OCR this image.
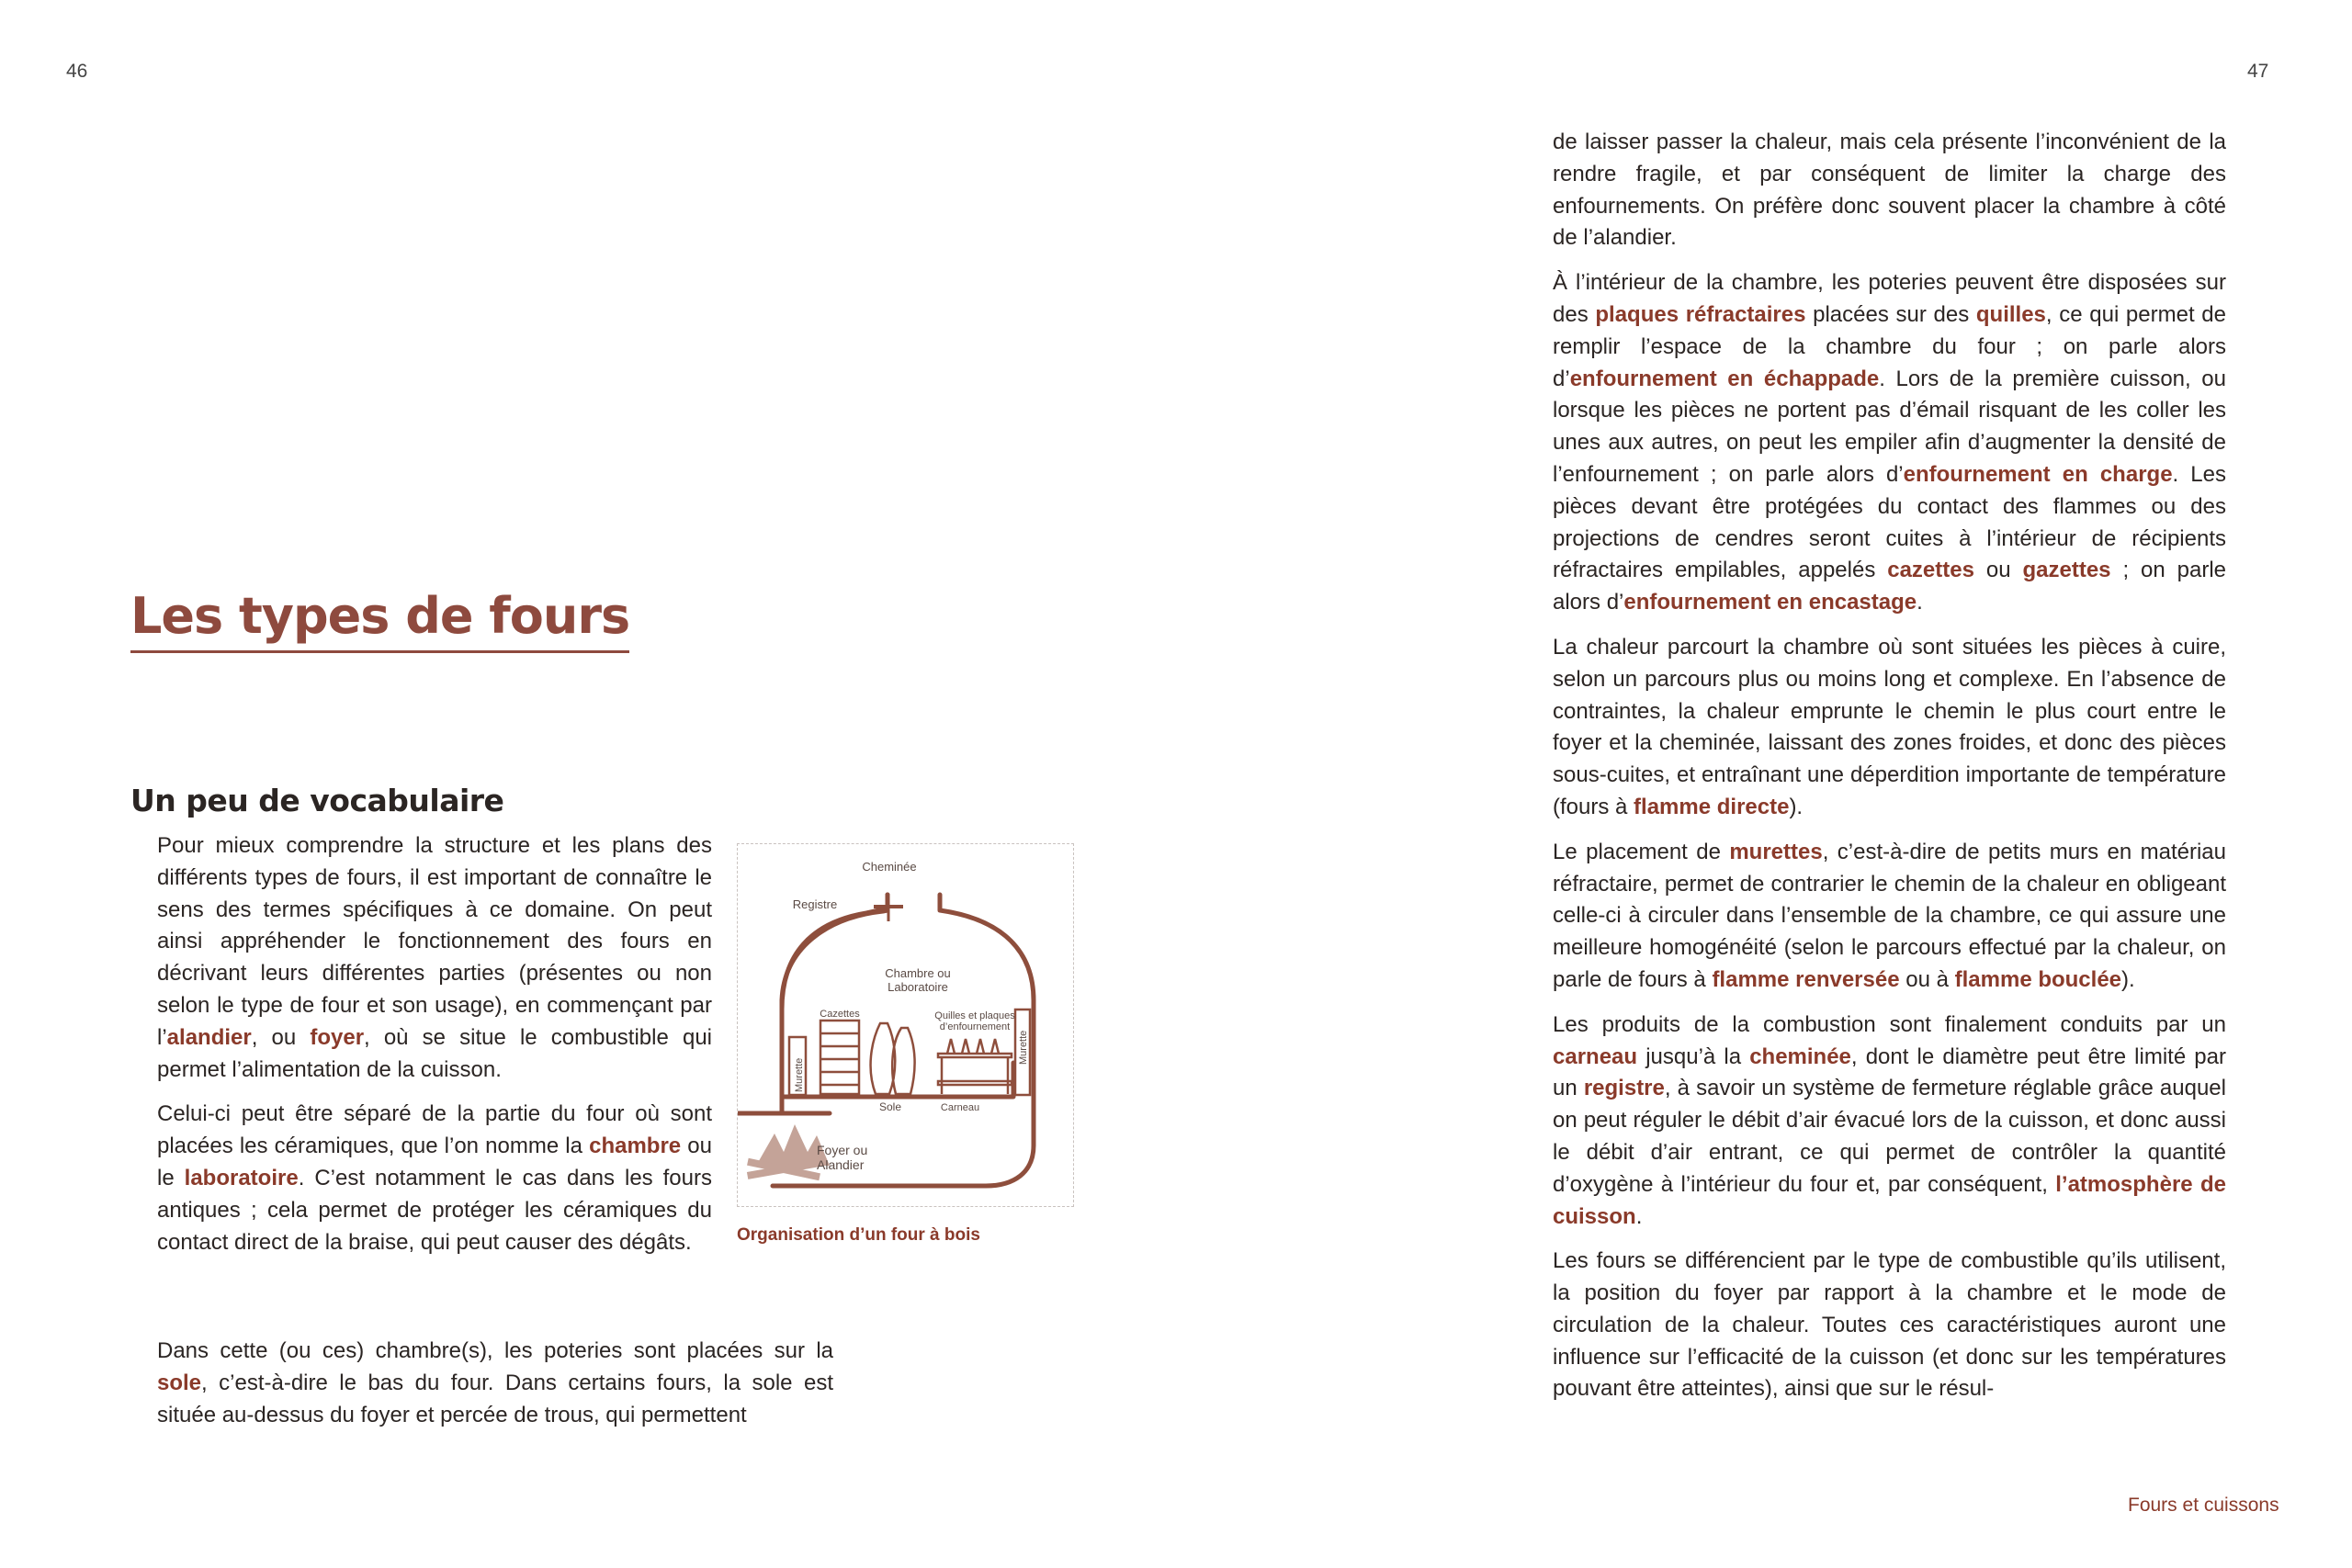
46	47
Les types de fours
Un peu de vocabulaire

Pour mieux comprendre la structure et les plans des différents types de fours, il est important de connaître le sens des termes spécifiques à ce domaine. On peut ainsi appréhender le fonctionnement des fours en décrivant leurs différentes parties (présentes ou non selon le type de four et son usage), en commençant par l’alandier, ou foyer, où se situe le combustible qui permet l’alimentation de la cuisson.

Celui-ci peut être séparé de la partie du four où sont placées les céramiques, que l’on nomme la chambre ou le laboratoire. C’est notamment le cas dans les fours antiques ; cela permet de protéger les céramiques du contact direct de la braise, qui peut causer des dégâts.

Cheminée
Registre
Chambre ou
Laboratoire
Cazettes	Quilles et plaques
d’enfournement
Murette
Murette
Sole	Carneau
Foyer ou
Alandier
Organisation d’un four à bois

Dans cette (ou ces) chambre(s), les poteries sont placées sur la sole, c’est-à-dire le bas du four. Dans certains fours, la sole est située au-dessus du foyer et percée de trous, qui permettent

de laisser passer la chaleur, mais cela présente l’inconvénient de la rendre fragile, et par conséquent de limiter la charge des enfournements. On préfère donc souvent placer la chambre à côté de l’alandier.

À l’intérieur de la chambre, les poteries peuvent être disposées sur des plaques réfractaires placées sur des quilles, ce qui permet de remplir l’espace de la chambre du four ; on parle alors d’enfournement en échappade. Lors de la première cuisson, ou lorsque les pièces ne portent pas d’émail risquant de les coller les unes aux autres, on peut les empiler afin d’augmenter la densité de l’enfournement ; on parle alors d’enfournement en charge. Les pièces devant être protégées du contact des flammes ou des projections de cendres seront cuites à l’intérieur de récipients réfractaires empilables, appelés cazettes ou gazettes ; on parle alors d’enfournement en encastage.

La chaleur parcourt la chambre où sont situées les pièces à cuire, selon un parcours plus ou moins long et complexe. En l’absence de contraintes, la chaleur emprunte le chemin le plus court entre le foyer et la cheminée, laissant des zones froides, et donc des pièces sous-cuites, et entraînant une déperdition importante de température (fours à flamme directe).

Le placement de murettes, c’est-à-dire de petits murs en matériau réfractaire, permet de contrarier le chemin de la chaleur en obligeant celle-ci à circuler dans l’ensemble de la chambre, ce qui assure une meilleure homogénéité (selon le parcours effectué par la chaleur, on parle de fours à flamme renversée ou à flamme bouclée).

Les produits de la combustion sont finalement conduits par un carneau jusqu’à la cheminée, dont le diamètre peut être limité par un registre, à savoir un système de fermeture réglable grâce auquel on peut réguler le débit d’air évacué lors de la cuisson, et donc aussi le débit d’air entrant, ce qui permet de contrôler la quantité d’oxygène à l’intérieur du four et, par conséquent, l’atmosphère de cuisson.

Les fours se différencient par le type de combustible qu’ils utilisent, la position du foyer par rapport à la chambre et le mode de circulation de la chaleur. Toutes ces caractéristiques auront une influence sur l’efficacité de la cuisson (et donc sur les températures pouvant être atteintes), ainsi que sur le résul-

Fours et cuissons
